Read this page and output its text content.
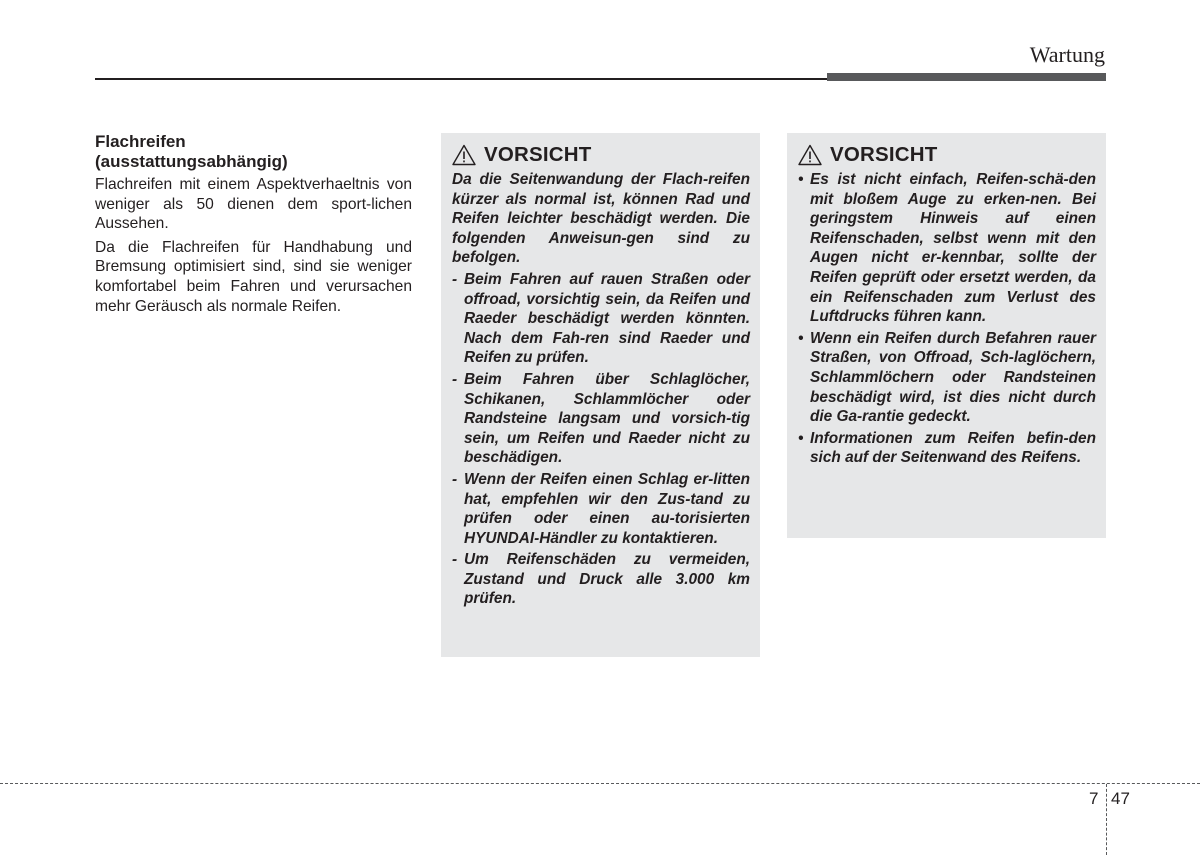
Wartung
Flachreifen
(ausstattungsabhängig)

Flachreifen mit einem Aspektverhaeltnis von weniger als 50 dienen dem sport-lichen Aussehen.

Da die Flachreifen für Handhabung und Bremsung optimisiert sind, sind sie weniger komfortabel beim Fahren und verursachen mehr Geräusch als normale Reifen.

VORSICHT

Da die Seitenwandung der Flach-reifen kürzer als normal ist, können Rad und Reifen leichter beschädigt werden. Die folgenden Anweisun-gen sind zu befolgen.

- Beim Fahren auf rauen Straßen oder offroad, vorsichtig sein, da Reifen und Raeder beschädigt werden könnten. Nach dem Fah-ren sind Raeder und Reifen zu prüfen.
- Beim Fahren über Schlaglöcher, Schikanen, Schlammlöcher oder Randsteine langsam und vorsich-tig sein, um Reifen und Raeder nicht zu beschädigen.
- Wenn der Reifen einen Schlag er-litten hat, empfehlen wir den Zus-tand zu prüfen oder einen au-torisierten HYUNDAI-Händler zu kontaktieren.
- Um Reifenschäden zu vermeiden, Zustand und Druck alle 3.000 km prüfen.
VORSICHT
• Es ist nicht einfach, Reifen-schä-den mit bloßem Auge zu erken-nen. Bei geringstem Hinweis auf einen Reifenschaden, selbst wenn mit den Augen nicht er-kennbar, sollte der Reifen geprüft oder ersetzt werden, da ein Reifenschaden zum Verlust des Luftdrucks führen kann.
• Wenn ein Reifen durch Befahren rauer Straßen, von Offroad, Sch-laglöchern, Schlammlöchern oder Randsteinen beschädigt wird, ist dies nicht durch die Ga-rantie gedeckt.
• Informationen zum Reifen befin-den sich auf der Seitenwand des Reifens.
7 47
